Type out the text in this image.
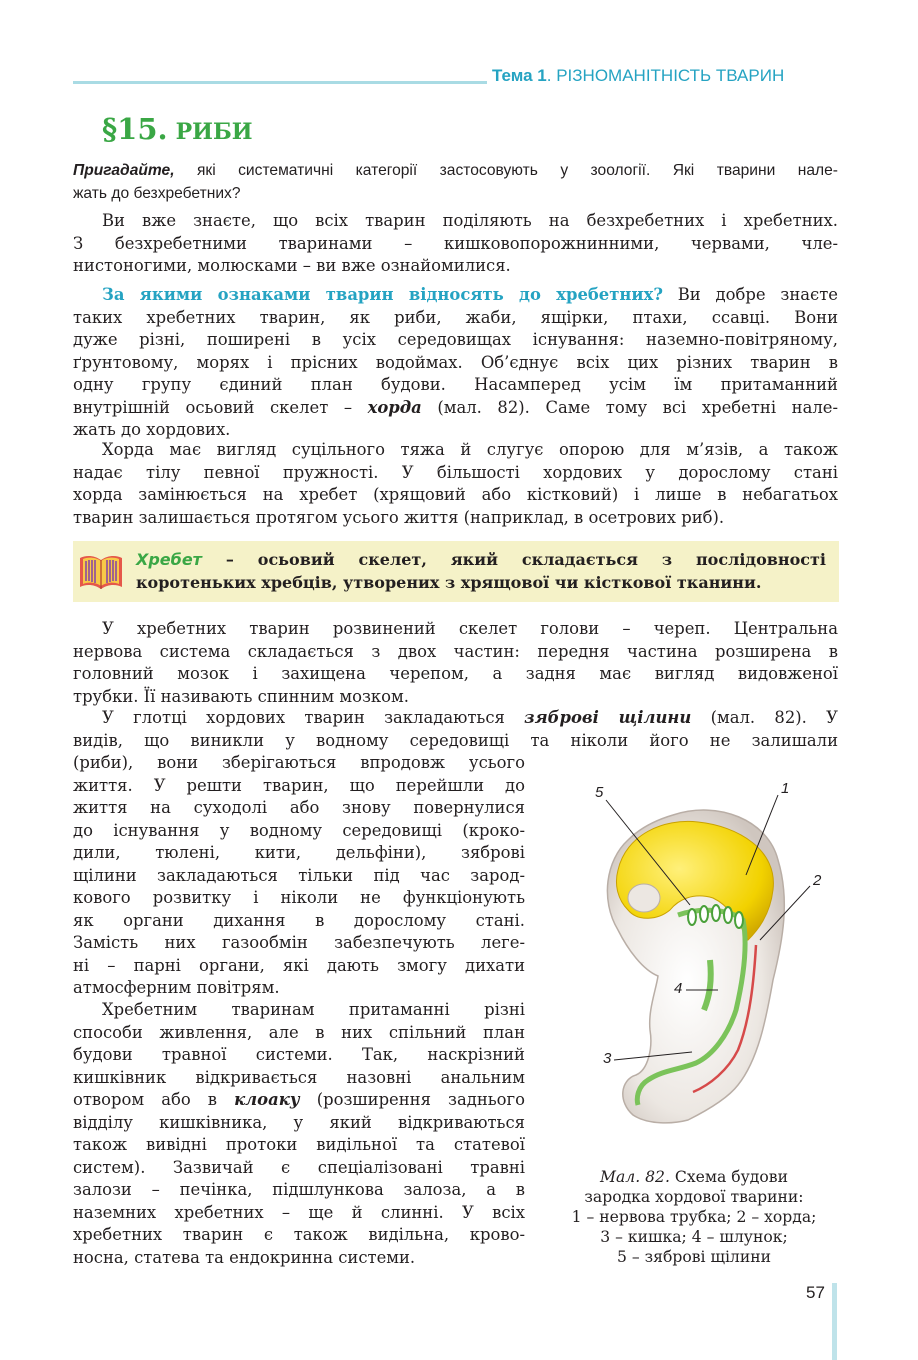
Тема 1. РІЗНОМАНІТНІСТЬ ТВАРИН
§15. РИБИ
Пригадайте, які систематичні категорії застосовують у зоології. Які тварини нале-
жать до безхребетних?
Ви вже знаєте, що всіх тварин поділяють на безхребетних і хребетних.
З безхребетними тваринами – кишковопорожнинними, червами, чле-
нистоногими, молюсками – ви вже ознайомилися.
За якими ознаками тварин відносять до хребетних? Ви добре знаєте
таких хребетних тварин, як риби, жаби, ящірки, птахи, ссавці. Вони
дуже різні, поширені в усіх середовищах існування: наземно-повітряному,
ґрунтовому, морях і прісних водоймах. Об’єднує всіх цих різних тварин в
одну групу єдиний план будови. Насамперед усім їм притаманний
внутрішній осьовий скелет – хорда (мал. 82). Саме тому всі хребетні нале-
жать до хордових.
Хорда має вигляд суцільного тяжа й слугує опорою для м’язів, а також
надає тілу певної пружності. У більшості хордових у дорослому стані
хорда замінюється на хребет (хрящовий або кістковий) і лише в небагатьох
тварин залишається протягом усього життя (наприклад, в осетрових риб).
Хребет – осьовий скелет, який складається з послідовності
коротеньких хребців, утворених з хрящової чи кісткової тканини.
У хребетних тварин розвинений скелет голови – череп. Центральна
нервова система складається з двох частин: передня частина розширена в
головний мозок і захищена черепом, а задня має вигляд видовженої
трубки. Її називають спинним мозком.
У глотці хордових тварин закладаються зяброві щілини (мал. 82). У
видів, що виникли у водному середовищі та ніколи його не залишали
(риби), вони зберігаються впродовж усього
життя. У решти тварин, що перейшли до
життя на суходолі або знову повернулися
до існування у водному середовищі (кроко-
дили, тюлені, кити, дельфіни), зяброві
щілини закладаються тільки під час зарод-
кового розвитку і ніколи не функціонують
як органи дихання в дорослому стані.
Замість них газообмін забезпечують леге-
ні – парні органи, які дають змогу дихати
атмосферним повітрям.
Хребетним тваринам притаманні різні
способи живлення, але в них спільний план
будови травної системи. Так, наскрізний
кишківник відкривається назовні анальним
отвором або в клоаку (розширення заднього
відділу кишківника, у який відкриваються
також вивідні протоки видільної та статевої
систем). Зазвичай є спеціалізовані травні
залози – печінка, підшлункова залоза, а в
наземних хребетних – ще й слинні. У всіх
хребетних тварин є також видільна, крово-
носна, статева та ендокринна системи.
5	1
2
4
3
Мал. 82. Схема будови
зародка хордової тварини:
1 – нервова трубка; 2 – хорда;
3 – кишка; 4 – шлунок;
5 – зяброві щілини
57
